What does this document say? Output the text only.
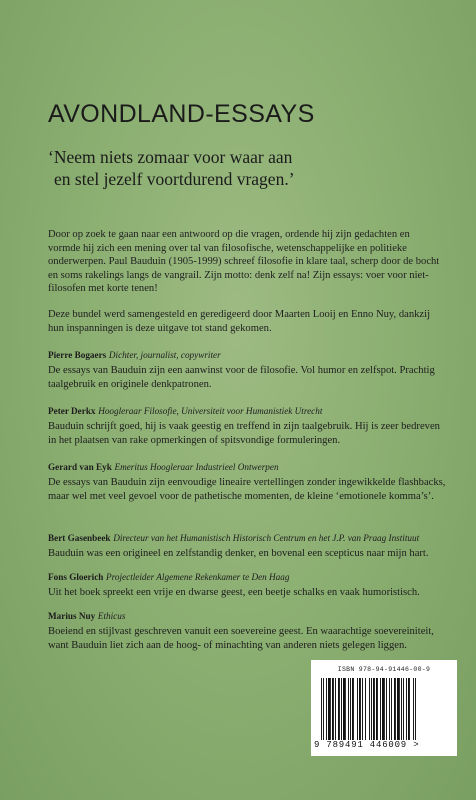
AVONDLAND-ESSAYS
‘Neem niets zomaar voor waar aan
en stel jezelf voortdurend vragen.’
Door op zoek te gaan naar een antwoord op die vragen, ordende hij zijn gedachten en vormde hij zich een mening over tal van filosofische, wetenschappelijke en politieke onderwerpen. Paul Bauduin (1905-1999) schreef filosofie in klare taal, scherp door de bocht en soms rakelings langs de vangrail. Zijn motto: denk zelf na! Zijn essays: voer voor niet-filosofen met korte tenen!
Deze bundel werd samengesteld en geredigeerd door Maarten Looij en Enno Nuy, dankzij hun inspanningen is deze uitgave tot stand gekomen.
Pierre Bogaers Dichter, journalist, copywriter
De essays van Bauduin zijn een aanwinst voor de filosofie. Vol humor en zelfspot. Prachtig taalgebruik en originele denkpatronen.
Peter Derkx Hoogleraar Filosofie, Universiteit voor Humanistiek Utrecht
Bauduin schrijft goed, hij is vaak geestig en treffend in zijn taalgebruik. Hij is zeer bedreven in het plaatsen van rake opmerkingen of spitsvondige formuleringen.
Gerard van Eyk Emeritus Hoogleraar Industrieel Ontwerpen
De essays van Bauduin zijn eenvoudige lineaire vertellingen zonder ingewikkelde flashbacks, maar wel met veel gevoel voor de pathetische momenten, de kleine ‘emotionele komma’s’.
Bert Gasenbeek Directeur van het Humanistisch Historisch Centrum en het J.P. van Praag Instituut
Bauduin was een origineel en zelfstandig denker, en bovenal een scepticus naar mijn hart.
Fons Gloerich Projectleider Algemene Rekenkamer te Den Haag
Uit het boek spreekt een vrije en dwarse geest, een beetje schalks en vaak humoristisch.
Marius Nuy Ethicus
Boeiend en stijlvast geschreven vanuit een soevereine geest. En waarachtige soevereiniteit, want Bauduin liet zich aan de hoog- of minachting van anderen niets gelegen liggen.
ISBN 978-94-91446-00-9
9 789491 446009 >
